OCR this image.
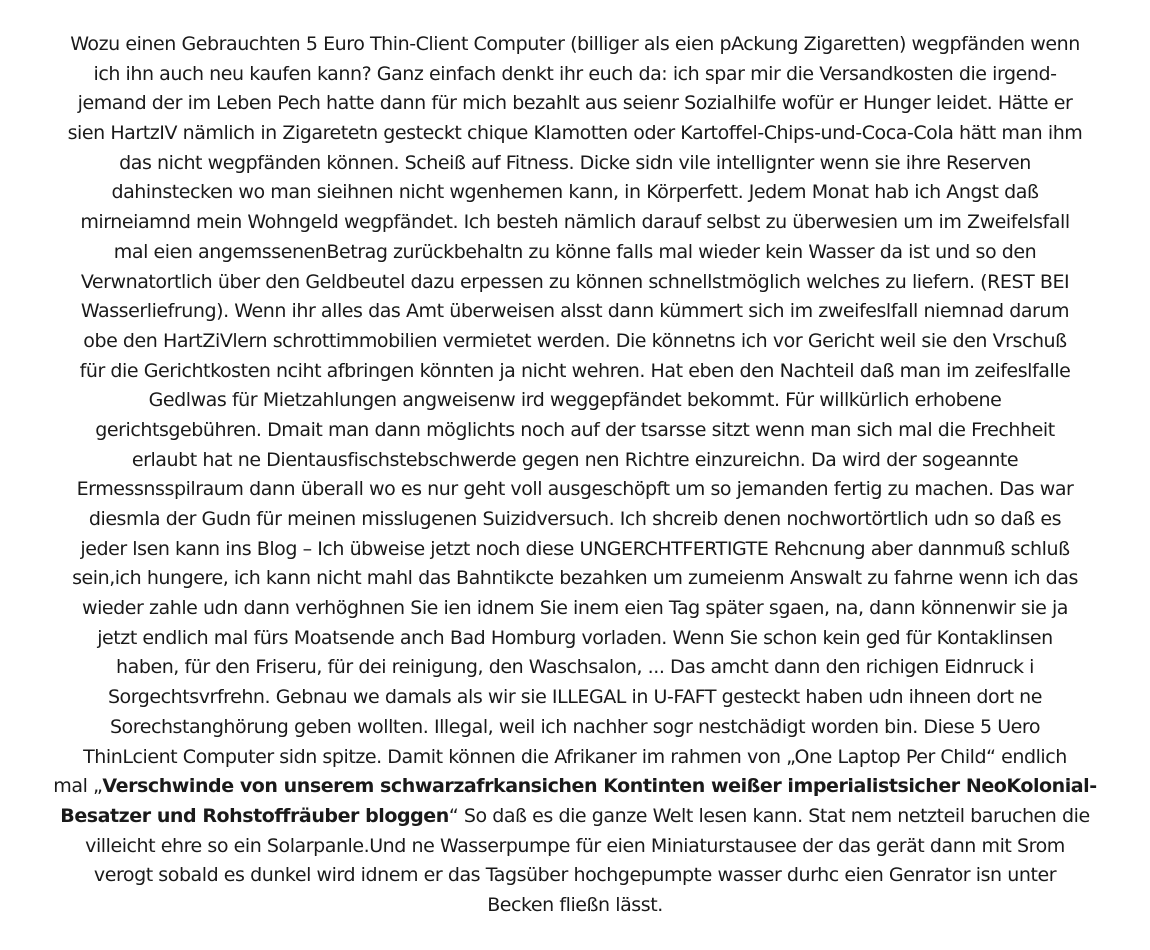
Wozu einen Gebrauchten 5 Euro Thin-Client Computer (billiger als eien pAckung Zigaretten) wegpfänden wenn
ich ihn auch neu kaufen kann? Ganz einfach denkt ihr euch da: ich spar mir die Versandkosten die irgend-
jemand der im Leben Pech hatte dann für mich bezahlt aus seienr Sozialhilfe wofür er Hunger leidet. Hätte er
sien HartzIV nämlich in Zigaretetn gesteckt chique Klamotten oder Kartoffel-Chips-und-Coca-Cola hätt man ihm
das nicht wegpfänden können. Scheiß auf Fitness. Dicke sidn vile intellignter wenn sie ihre Reserven
dahinstecken wo man sieihnen nicht wgenhemen kann, in Körperfett. Jedem Monat hab ich Angst daß
mirneiamnd mein Wohngeld wegpfändet. Ich besteh nämlich darauf selbst zu überwesien um im Zweifelsfall
mal eien angemssenenBetrag zurückbehaltn zu könne falls mal wieder kein Wasser da ist und so den
Verwnatortlich über den Geldbeutel dazu erpessen zu können schnellstmöglich welches zu liefern. (REST BEI
Wasserliefrung). Wenn ihr alles das Amt überweisen alsst dann kümmert sich im zweifeslfall niemnad darum
obe den HartZiVlern schrottimmobilien vermietet werden. Die könnetns ich vor Gericht weil sie den Vrschuß
für die Gerichtkosten nciht afbringen könnten ja nicht wehren. Hat eben den Nachteil daß man im zeifeslfalle
Gedlwas für Mietzahlungen angweisenw ird weggepfändet bekommt. Für willkürlich erhobene
gerichtsgebühren. Dmait man dann möglichts noch auf der tsarsse sitzt wenn man sich mal die Frechheit
erlaubt hat ne Dientausfischstebschwerde gegen nen Richtre einzureichn. Da wird der sogeannte
Ermessnsspilraum dann überall wo es nur geht voll ausgeschöpft um so jemanden fertig zu machen. Das war
diesmla der Gudn für meinen misslugenen Suizidversuch. Ich shcreib denen nochwortörtlich udn so daß es
jeder lsen kann ins Blog – Ich übweise jetzt noch diese UNGERCHTFERTIGTE Rehcnung aber dannmuß schluß
sein,ich hungere, ich kann nicht mahl das Bahntikcte bezahken um zumeienm Answalt zu fahrne wenn ich das
wieder zahle udn dann verhöghnen Sie ien idnem Sie inem eien Tag später sgaen, na, dann könnenwir sie ja
jetzt endlich mal fürs Moatsende anch Bad Homburg vorladen. Wenn Sie schon kein ged für Kontaklinsen
haben, für den Friseru, für dei reinigung, den Waschsalon, ... Das amcht dann den richigen Eidnruck i
Sorgechtsvrfrehn. Gebnau we damals als wir sie ILLEGAL in U-FAFT gesteckt haben udn ihneen dort ne
Sorechstanghörung geben wollten. Illegal, weil ich nachher sogr nestchädigt worden bin. Diese 5 Uero
ThinLcient Computer sidn spitze. Damit können die Afrikaner im rahmen von „One Laptop Per Child“ endlich
mal „Verschwinde von unserem schwarzafrkansichen Kontinten weißer imperialistsicher NeoKolonial-
Besatzer und Rohstoffräuber bloggen“ So daß es die ganze Welt lesen kann. Stat nem netzteil baruchen die
villeicht ehre so ein Solarpanle.Und ne Wasserpumpe für eien Miniaturstausee der das gerät dann mit Srom
verogt sobald es dunkel wird idnem er das Tagsüber hochgepumpte wasser durhc eien Genrator isn unter
Becken fließn lässt.
